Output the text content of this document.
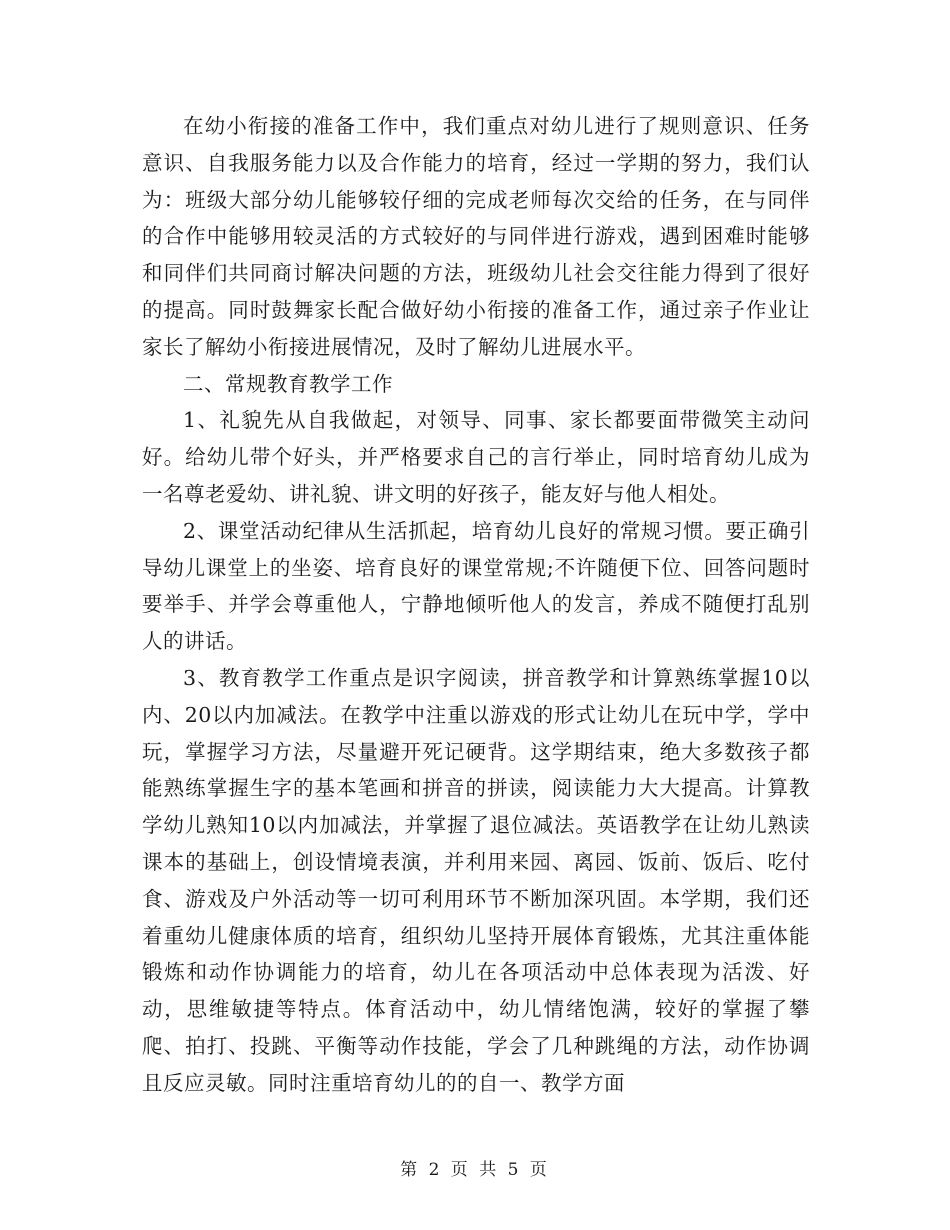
在幼小衔接的准备工作中，我们重点对幼儿进行了规则意识、任务意识、自我服务能力以及合作能力的培育，经过一学期的努力，我们认为：班级大部分幼儿能够较仔细的完成老师每次交给的任务，在与同伴的合作中能够用较灵活的方式较好的与同伴进行游戏，遇到困难时能够和同伴们共同商讨解决问题的方法，班级幼儿社会交往能力得到了很好的提高。同时鼓舞家长配合做好幼小衔接的准备工作，通过亲子作业让家长了解幼小衔接进展情况，及时了解幼儿进展水平。

二、常规教育教学工作

1、礼貌先从自我做起，对领导、同事、家长都要面带微笑主动问好。给幼儿带个好头，并严格要求自己的言行举止，同时培育幼儿成为一名尊老爱幼、讲礼貌、讲文明的好孩子，能友好与他人相处。

2、课堂活动纪律从生活抓起，培育幼儿良好的常规习惯。要正确引导幼儿课堂上的坐姿、培育良好的课堂常规;不许随便下位、回答问题时要举手、并学会尊重他人，宁静地倾听他人的发言，养成不随便打乱别人的讲话。

3、教育教学工作重点是识字阅读，拼音教学和计算熟练掌握10以内、20以内加减法。在教学中注重以游戏的形式让幼儿在玩中学，学中玩，掌握学习方法，尽量避开死记硬背。这学期结束，绝大多数孩子都能熟练掌握生字的基本笔画和拼音的拼读，阅读能力大大提高。计算教学幼儿熟知10以内加减法，并掌握了退位减法。英语教学在让幼儿熟读课本的基础上，创设情境表演，并利用来园、离园、饭前、饭后、吃付食、游戏及户外活动等一切可利用环节不断加深巩固。本学期，我们还着重幼儿健康体质的培育，组织幼儿坚持开展体育锻炼，尤其注重体能锻炼和动作协调能力的培育，幼儿在各项活动中总体表现为活泼、好动，思维敏捷等特点。体育活动中，幼儿情绪饱满，较好的掌握了攀爬、拍打、投跳、平衡等动作技能，学会了几种跳绳的方法，动作协调且反应灵敏。同时注重培育幼儿的的自一、教学方面

第 2 页 共 5 页
